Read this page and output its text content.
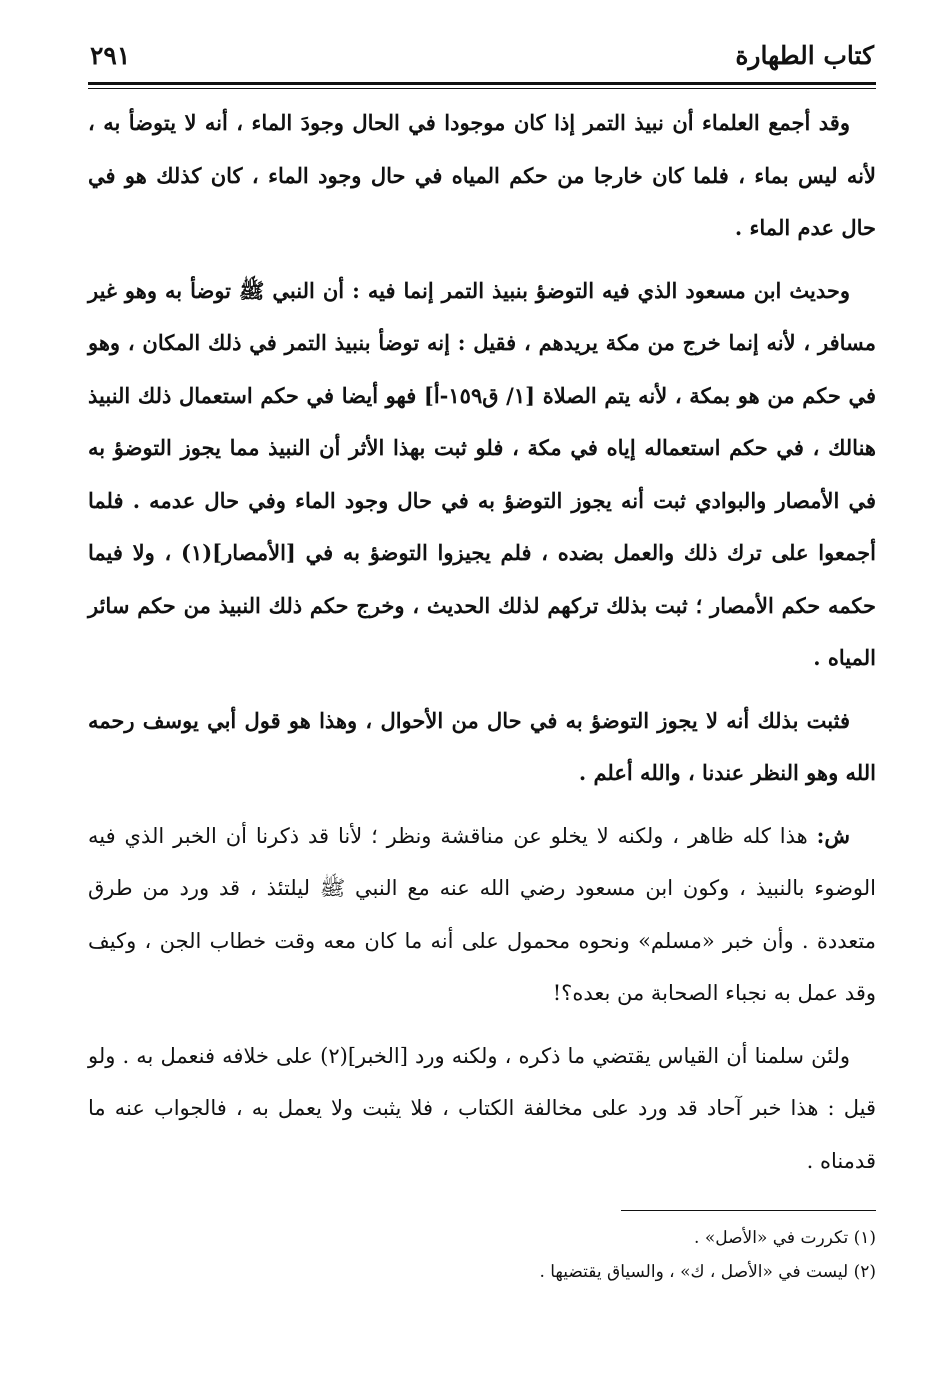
كتاب الطهارة
٢٩١

وقد أجمع العلماء أن نبيذ التمر إذا كان موجودا في الحال وجودَ الماء ، أنه لا يتوضأ به ، لأنه ليس بماء ، فلما كان خارجا من حكم المياه في حال وجود الماء ، كان كذلك هو في حال عدم الماء .

وحديث ابن مسعود الذي فيه التوضؤ بنبيذ التمر إنما فيه : أن النبي ﷺ توضأ به وهو غير مسافر ، لأنه إنما خرج من مكة يريدهم ، فقيل : إنه توضأ بنبيذ التمر في ذلك المكان ، وهو في حكم من هو بمكة ، لأنه يتم الصلاة [١/ ق١٥٩-أ] فهو أيضا في حكم استعمال ذلك النبيذ هنالك ، في حكم استعماله إياه في مكة ، فلو ثبت بهذا الأثر أن النبيذ مما يجوز التوضؤ به في الأمصار والبوادي ثبت أنه يجوز التوضؤ به في حال وجود الماء وفي حال عدمه . فلما أجمعوا على ترك ذلك والعمل بضده ، فلم يجيزوا التوضؤ به في [الأمصار](١) ، ولا فيما حكمه حكم الأمصار ؛ ثبت بذلك تركهم لذلك الحديث ، وخرج حكم ذلك النبيذ من حكم سائر المياه .

فثبت بذلك أنه لا يجوز التوضؤ به في حال من الأحوال ، وهذا هو قول أبي يوسف رحمه الله وهو النظر عندنا ، والله أعلم .

ش: هذا كله ظاهر ، ولكنه لا يخلو عن مناقشة ونظر ؛ لأنا قد ذكرنا أن الخبر الذي فيه الوضوء بالنبيذ ، وكون ابن مسعود رضي الله عنه مع النبي ﷺ ليلتئذ ، قد ورد من طرق متعددة . وأن خبر «مسلم» ونحوه محمول على أنه ما كان معه وقت خطاب الجن ، وكيف وقد عمل به نجباء الصحابة من بعده؟!

ولئن سلمنا أن القياس يقتضي ما ذكره ، ولكنه ورد [الخبر](٢) على خلافه فنعمل به . ولو قيل : هذا خبر آحاد قد ورد على مخالفة الكتاب ، فلا يثبت ولا يعمل به ، فالجواب عنه ما قدمناه .

(١) تكررت في «الأصل» .

(٢) ليست في «الأصل ، ك» ، والسياق يقتضيها .
